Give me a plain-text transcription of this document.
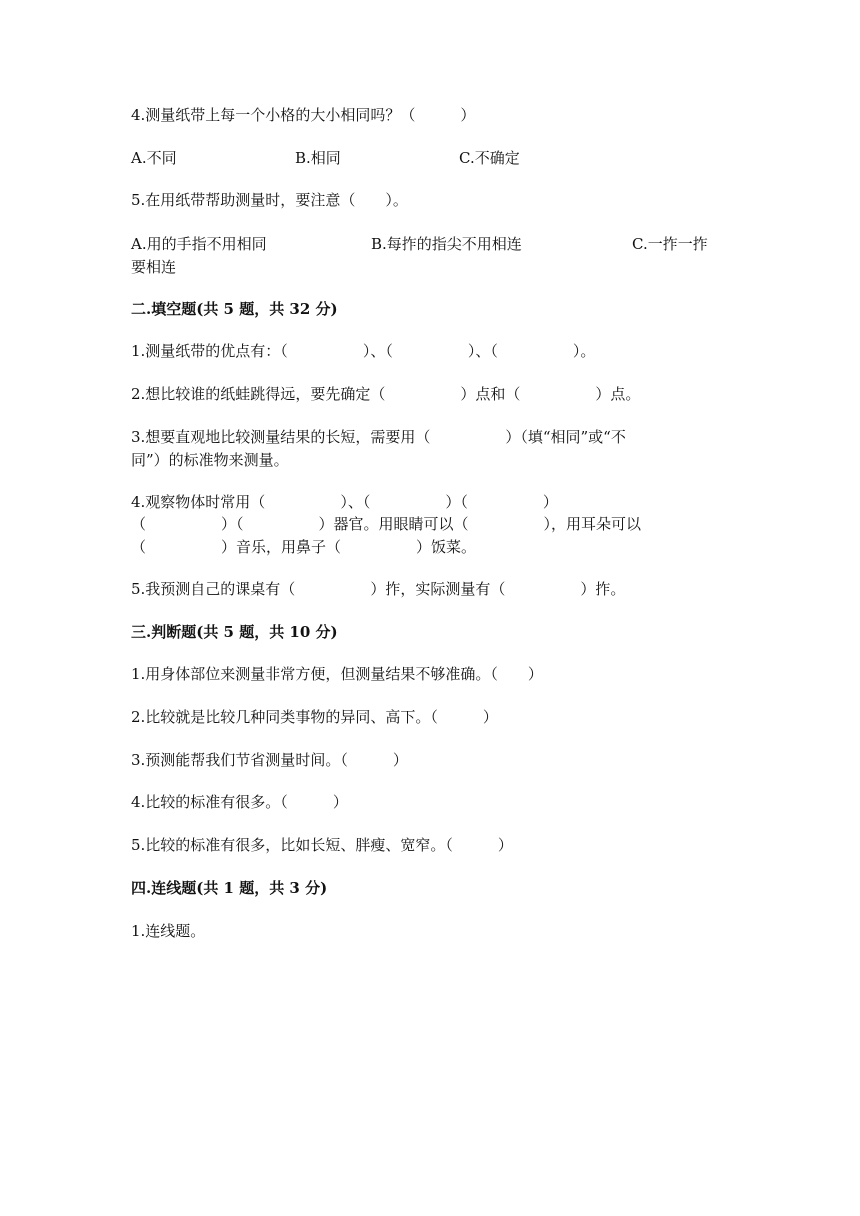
4.测量纸带上每一个小格的大小相同吗？（　　　）
A.不同	B.相同	C.不确定
5.在用纸带帮助测量时，要注意（　　）。
A.用的手指不用相同	B.每拃的指尖不用相连	C.一拃一拃
要相连
二.填空题(共 5 题，共 32 分)
1.测量纸带的优点有：（　　　　　）、（　　　　　）、（　　　　　）。
2.想比较谁的纸蛙跳得远，要先确定（　　　　　）点和（　　　　　）点。
3.想要直观地比较测量结果的长短，需要用（　　　　　）（填“相同”或“不
同”）的标准物来测量。
4.观察物体时常用（　　　　　）、（　　　　　）（　　　　　）
（　　　　　）（　　　　　）器官。用眼睛可以（　　　　　），用耳朵可以
（　　　　　）音乐，用鼻子（　　　　　）饭菜。
5.我预测自己的课桌有（　　　　　）拃，实际测量有（　　　　　）拃。
三.判断题(共 5 题，共 10 分)
1.用身体部位来测量非常方便，但测量结果不够准确。（　　）
2.比较就是比较几种同类事物的异同、高下。（　　　）
3.预测能帮我们节省测量时间。（　　　）
4.比较的标准有很多。（　　　）
5.比较的标准有很多，比如长短、胖瘦、宽窄。（　　　）
四.连线题(共 1 题，共 3 分)
1.连线题。
